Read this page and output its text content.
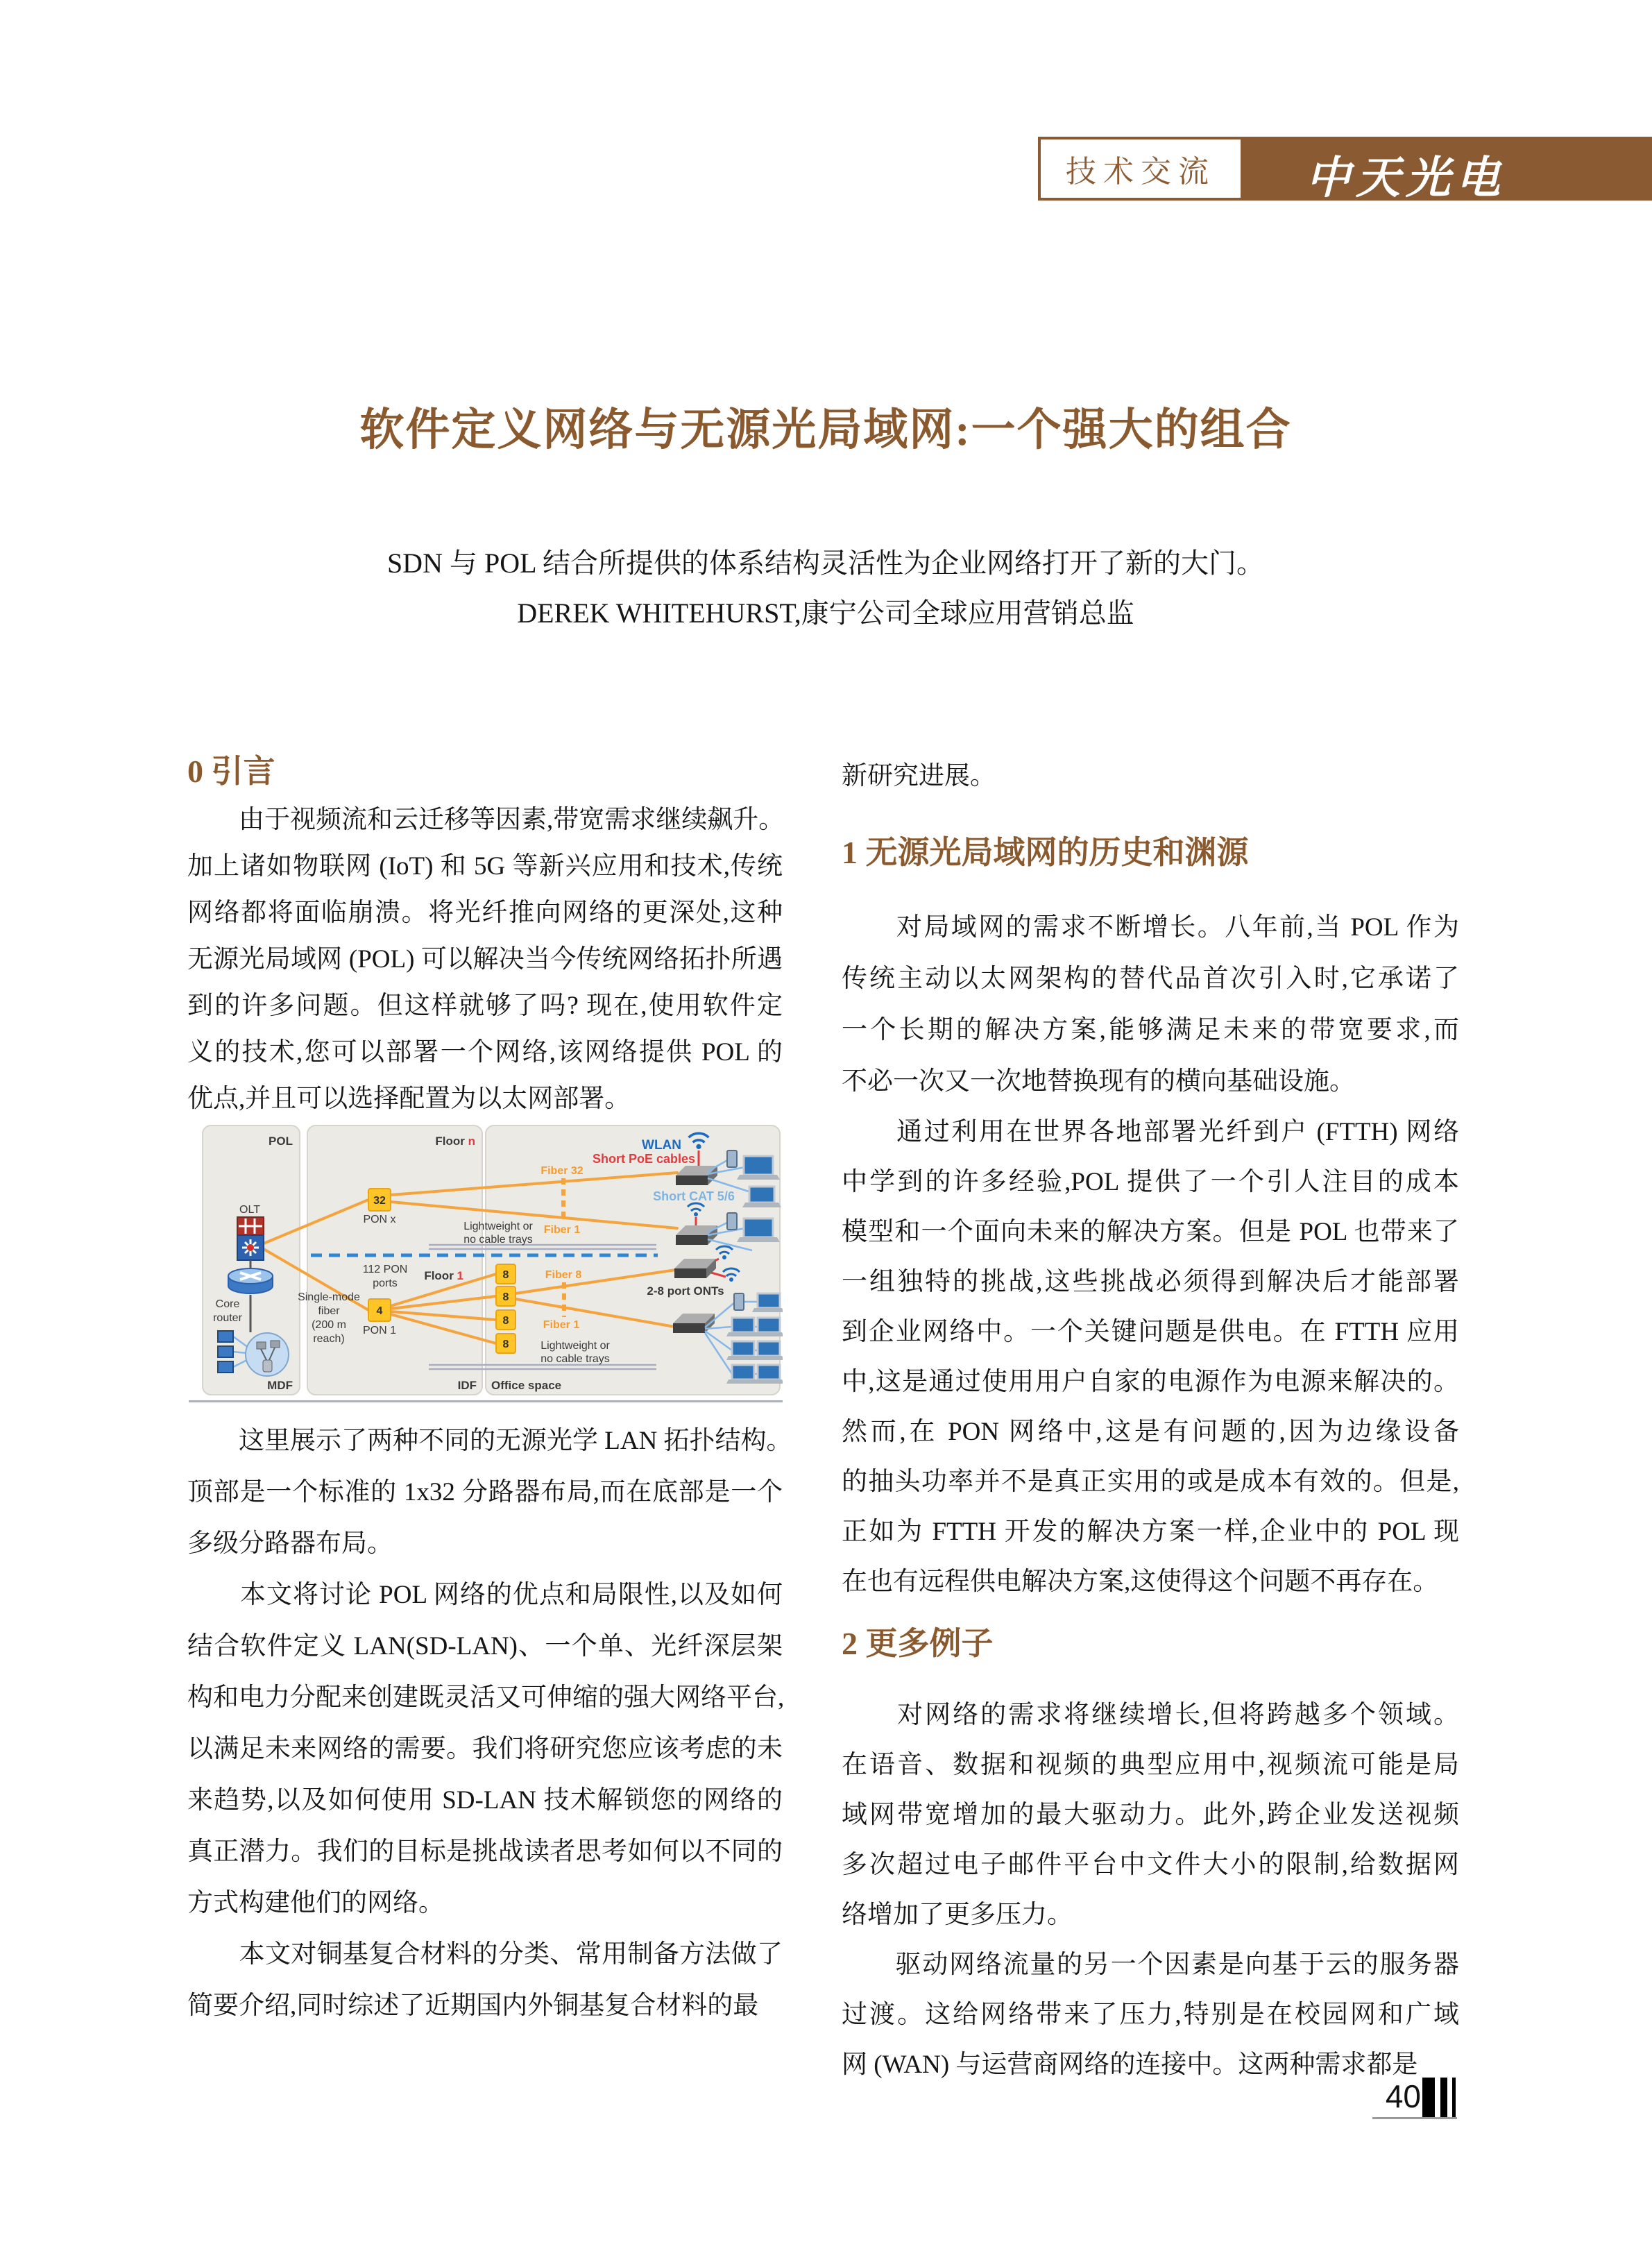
技术交流 中天光电
软件定义网络与无源光局域网:一个强大的组合
SDN 与 POL 结合所提供的体系结构灵活性为企业网络打开了新的大门。
DEREK WHITEHURST,康宁公司全球应用营销总监
0 引言
　　由于视频流和云迁移等因素,带宽需求继续飙升。
加上诸如物联网 (IoT) 和 5G 等新兴应用和技术,传统
网络都将面临崩溃。将光纤推向网络的更深处,这种
无源光局域网 (POL) 可以解决当今传统网络拓扑所遇
到的许多问题。但这样就够了吗? 现在,使用软件定
义的技术,您可以部署一个网络,该网络提供 POL 的
优点,并且可以选择配置为以太网部署。
　　这里展示了两种不同的无源光学 LAN 拓扑结构。
顶部是一个标准的 1x32 分路器布局,而在底部是一个
多级分路器布局。
　　本文将讨论 POL 网络的优点和局限性,以及如何
结合软件定义 LAN(SD-LAN)、一个单、光纤深层架
构和电力分配来创建既灵活又可伸缩的强大网络平台,
以满足未来网络的需要。我们将研究您应该考虑的未
来趋势,以及如何使用 SD-LAN 技术解锁您的网络的
真正潜力。我们的目标是挑战读者思考如何以不同的
方式构建他们的网络。
　　本文对铜基复合材料的分类、常用制备方法做了
简要介绍,同时综述了近期国内外铜基复合材料的最
POL	Floor n
Floor 1
MDF	IDF Office space
OLT
Core
router
32
PON x
4
PON 1
112 PON
ports
Single-mode
fiber
(200 m
reach)
8
8
8
8
Lightweight or
no cable trays
Lightweight or
no cable trays
Fiber 32
Fiber 1
Fiber 8
Fiber 1
WLAN
Short PoE cables
Short CAT 5/6
2-8 port ONTs
新研究进展。
1 无源光局域网的历史和渊源
　　对局域网的需求不断增长。八年前,当 POL 作为
传统主动以太网架构的替代品首次引入时,它承诺了
一个长期的解决方案,能够满足未来的带宽要求,而
不必一次又一次地替换现有的横向基础设施。
　　通过利用在世界各地部署光纤到户 (FTTH) 网络
中学到的许多经验,POL 提供了一个引人注目的成本
模型和一个面向未来的解决方案。但是 POL 也带来了
一组独特的挑战,这些挑战必须得到解决后才能部署
到企业网络中。一个关键问题是供电。在 FTTH 应用
中,这是通过使用用户自家的电源作为电源来解决的。
然而,在 PON 网络中,这是有问题的,因为边缘设备
的抽头功率并不是真正实用的或是成本有效的。但是,
正如为 FTTH 开发的解决方案一样,企业中的 POL 现
在也有远程供电解决方案,这使得这个问题不再存在。
2 更多例子
　　对网络的需求将继续增长,但将跨越多个领域。
在语音、数据和视频的典型应用中,视频流可能是局
域网带宽增加的最大驱动力。此外,跨企业发送视频
多次超过电子邮件平台中文件大小的限制,给数据网
络增加了更多压力。
　　驱动网络流量的另一个因素是向基于云的服务器
过渡。这给网络带来了压力,特别是在校园网和广域
网 (WAN) 与运营商网络的连接中。这两种需求都是
40
